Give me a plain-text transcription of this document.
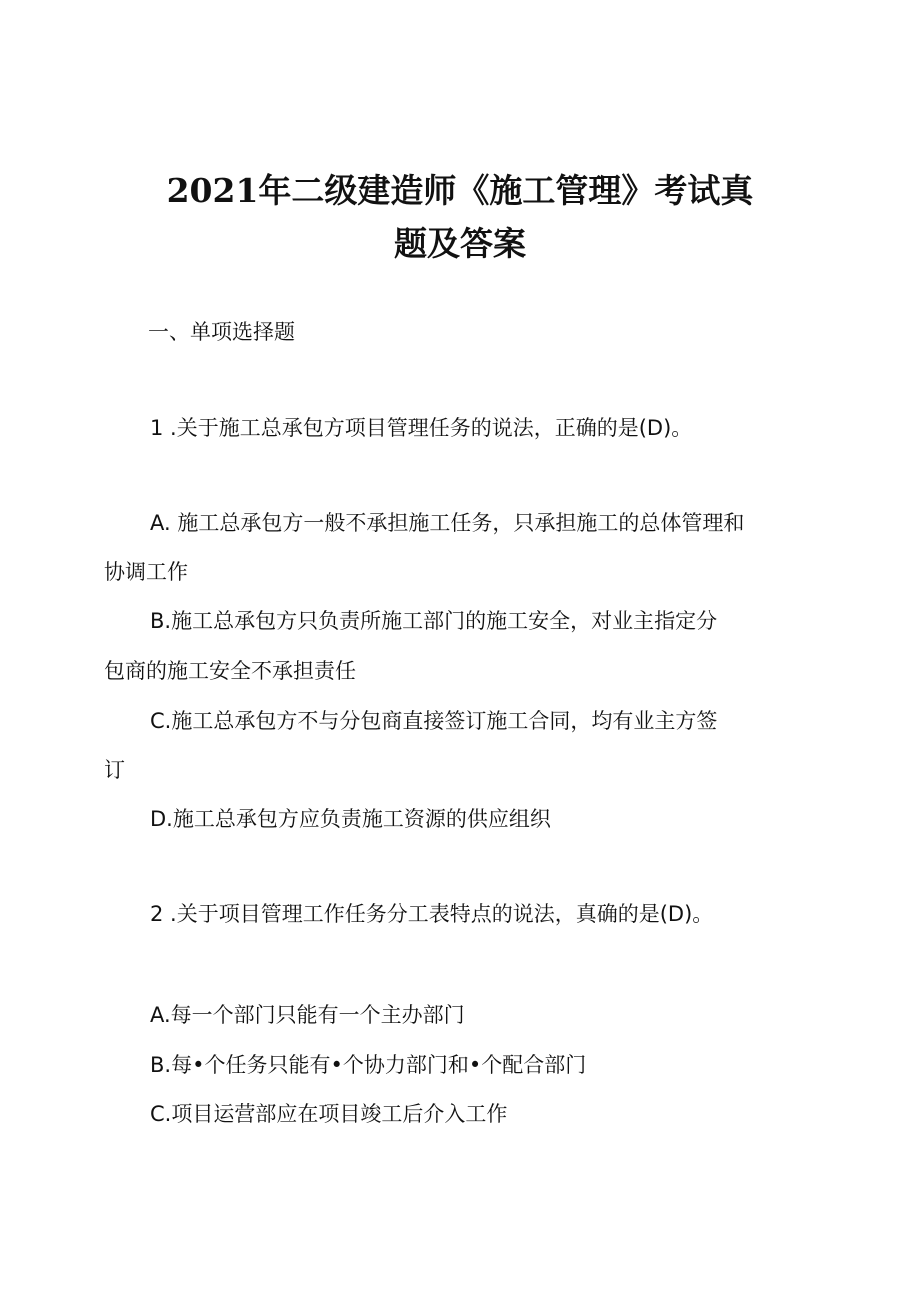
2021年二级建造师《施工管理》考试真
题及答案
一、单项选择题
1 .关于施工总承包方项目管理任务的说法，正确的是(D)。
A. 施工总承包方一般不承担施工任务，只承担施工的总体管理和
协调工作
B.施工总承包方只负责所施工部门的施工安全，对业主指定分
包商的施工安全不承担责任
C.施工总承包方不与分包商直接签订施工合同，均有业主方签
订
D.施工总承包方应负责施工资源的供应组织
2 .关于项目管理工作任务分工表特点的说法，真确的是(D)。
A.每一个部门只能有一个主办部门
B.每•个任务只能有•个协力部门和•个配合部门
C.项目运营部应在项目竣工后介入工作
